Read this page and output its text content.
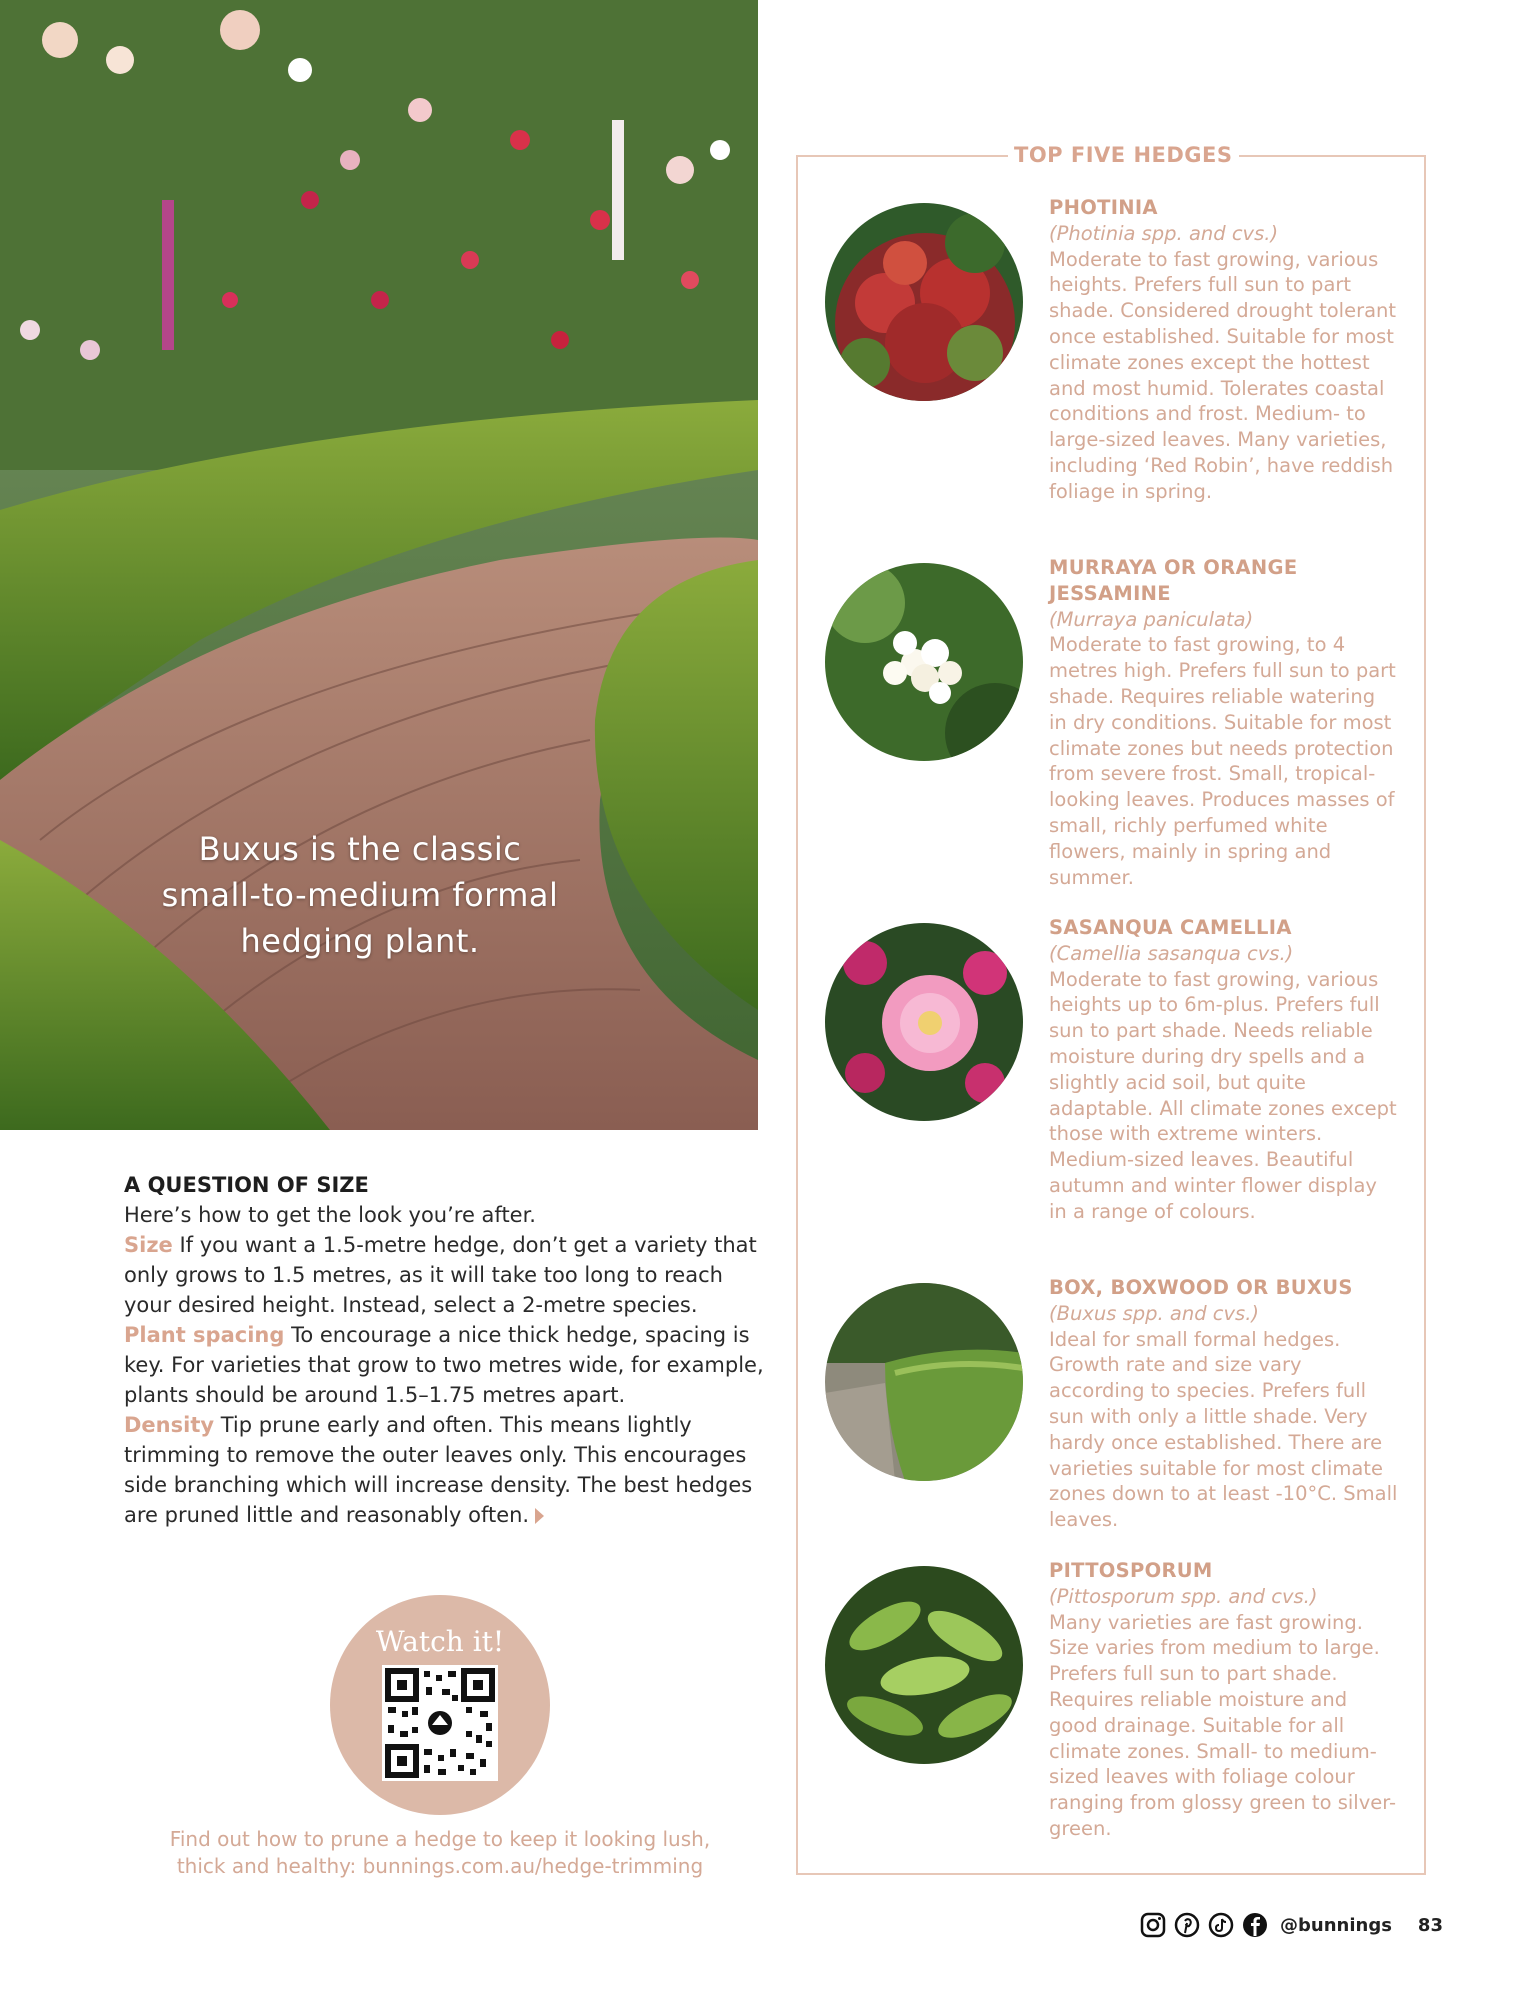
Buxus is the classic small-to-medium formal hedging plant.
A QUESTION OF SIZE

Here’s how to get the look you’re after.

Size If you want a 1.5-metre hedge, don’t get a variety that only grows to 1.5 metres, as it will take too long to reach your desired height. Instead, select a 2-metre species.

Plant spacing To encourage a nice thick hedge, spacing is key. For varieties that grow to two metres wide, for example, plants should be around 1.5–1.75 metres apart.

Density Tip prune early and often. This means lightly trimming to remove the outer leaves only. This encourages side branching which will increase density. The best hedges are pruned little and reasonably often.

Watch it!
Find out how to prune a hedge to keep it looking lush, thick and healthy: bunnings.com.au/hedge-trimming
TOP FIVE HEDGES
PHOTINIA
(Photinia spp. and cvs.)
Moderate to fast growing, various heights. Prefers full sun to part shade. Considered drought tolerant once established. Suitable for most climate zones except the hottest and most humid. Tolerates coastal conditions and frost. Medium- to large-sized leaves. Many varieties, including ‘Red Robin’, have reddish foliage in spring.
MURRAYA OR ORANGE JESSAMINE
(Murraya paniculata)
Moderate to fast growing, to 4 metres high. Prefers full sun to part shade. Requires reliable watering in dry conditions. Suitable for most climate zones but needs protection from severe frost. Small, tropical-looking leaves. Produces masses of small, richly perfumed white flowers, mainly in spring and summer.
SASANQUA CAMELLIA
(Camellia sasanqua cvs.)
Moderate to fast growing, various heights up to 6m-plus. Prefers full sun to part shade. Needs reliable moisture during dry spells and a slightly acid soil, but quite adaptable. All climate zones except those with extreme winters. Medium-sized leaves. Beautiful autumn and winter flower display in a range of colours.
BOX, BOXWOOD OR BUXUS
(Buxus spp. and cvs.)
Ideal for small formal hedges. Growth rate and size vary according to species. Prefers full sun with only a little shade. Very hardy once established. There are varieties suitable for most climate zones down to at least -10°C. Small leaves.
PITTOSPORUM
(Pittosporum spp. and cvs.)
Many varieties are fast growing. Size varies from medium to large. Prefers full sun to part shade. Requires reliable moisture and good drainage. Suitable for all climate zones. Small- to medium-sized leaves with foliage colour ranging from glossy green to silver-green.
@bunnings 83
